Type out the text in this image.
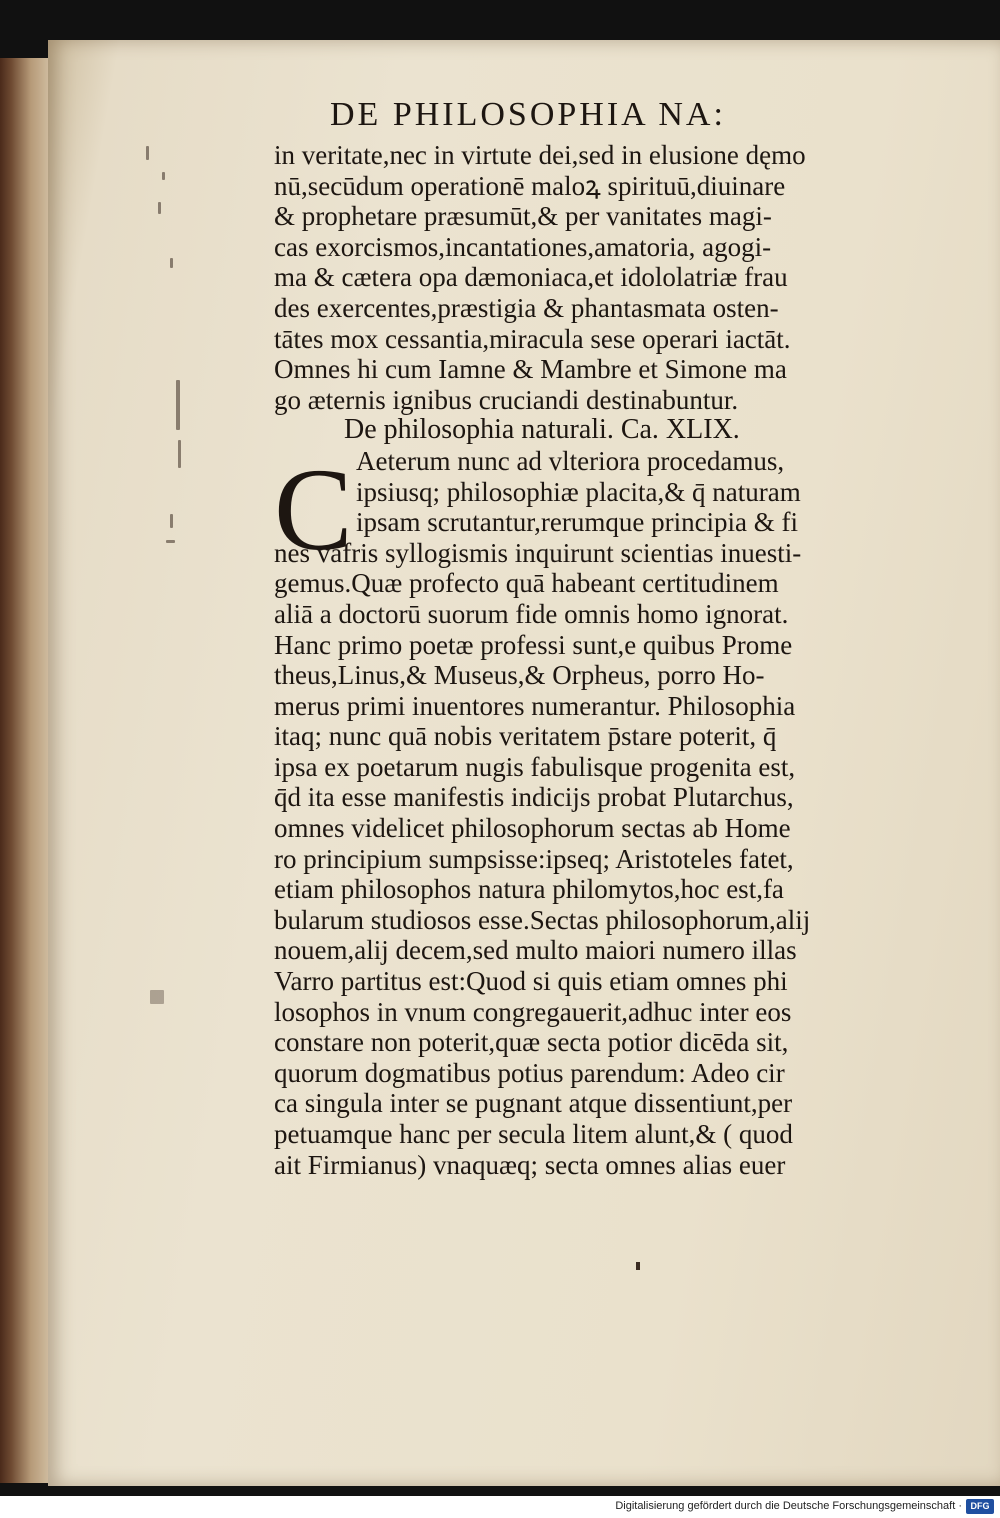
DE PHILOSOPHIA NA:
C
in veritate,nec in virtute dei,sed in elusione dęmo
nū,secūdum operationē maloꝝ spirituū,diuinare
& prophetare præsumūt,& per vanitates magi-
cas exorcismos,incantationes,amatoria, agogi-
ma & cætera opa dæmoniaca,et idololatriæ frau
des exercentes,præstigia & phantasmata osten-
tātes mox cessantia,miracula sese operari iactāt.
Omnes hi cum Iamne & Mambre et Simone ma
go æternis ignibus cruciandi destinabuntur.
De philosophia naturali. Ca. XLIX.
Aeterum nunc ad vlteriora procedamus,
ipsiusq; philosophiæ placita,& q̄ naturam
ipsam scrutantur,rerumque principia & fi
nes vafris syllogismis inquirunt scientias inuesti-
gemus.Quæ profecto quā habeant certitudinem
aliā a doctorū suorum fide omnis homo ignorat.
Hanc primo poetæ professi sunt,e quibus Prome
theus,Linus,& Museus,& Orpheus, porro Ho-
merus primi inuentores numerantur. Philosophia
itaq; nunc quā nobis veritatem p̄stare poterit, q̄
ipsa ex poetarum nugis fabulisque progenita est,
q̄d ita esse manifestis indicijs probat Plutarchus,
omnes videlicet philosophorum sectas ab Home
ro principium sumpsisse:ipseq; Aristoteles fatet,
etiam philosophos natura philomytos,hoc est,fa
bularum studiosos esse.Sectas philosophorum,alij
nouem,alij decem,sed multo maiori numero illas
Varro partitus est:Quod si quis etiam omnes phi
losophos in vnum congregauerit,adhuc inter eos
constare non poterit,quæ secta potior dicēda sit,
quorum dogmatibus potius parendum: Adeo cir
ca singula inter se pugnant atque dissentiunt,per
petuamque hanc per secula litem alunt,& ( quod
ait Firmianus) vnaquæq; secta omnes alias euer
Digitalisierung gefördert durch die Deutsche Forschungsgemeinschaft · DFG
